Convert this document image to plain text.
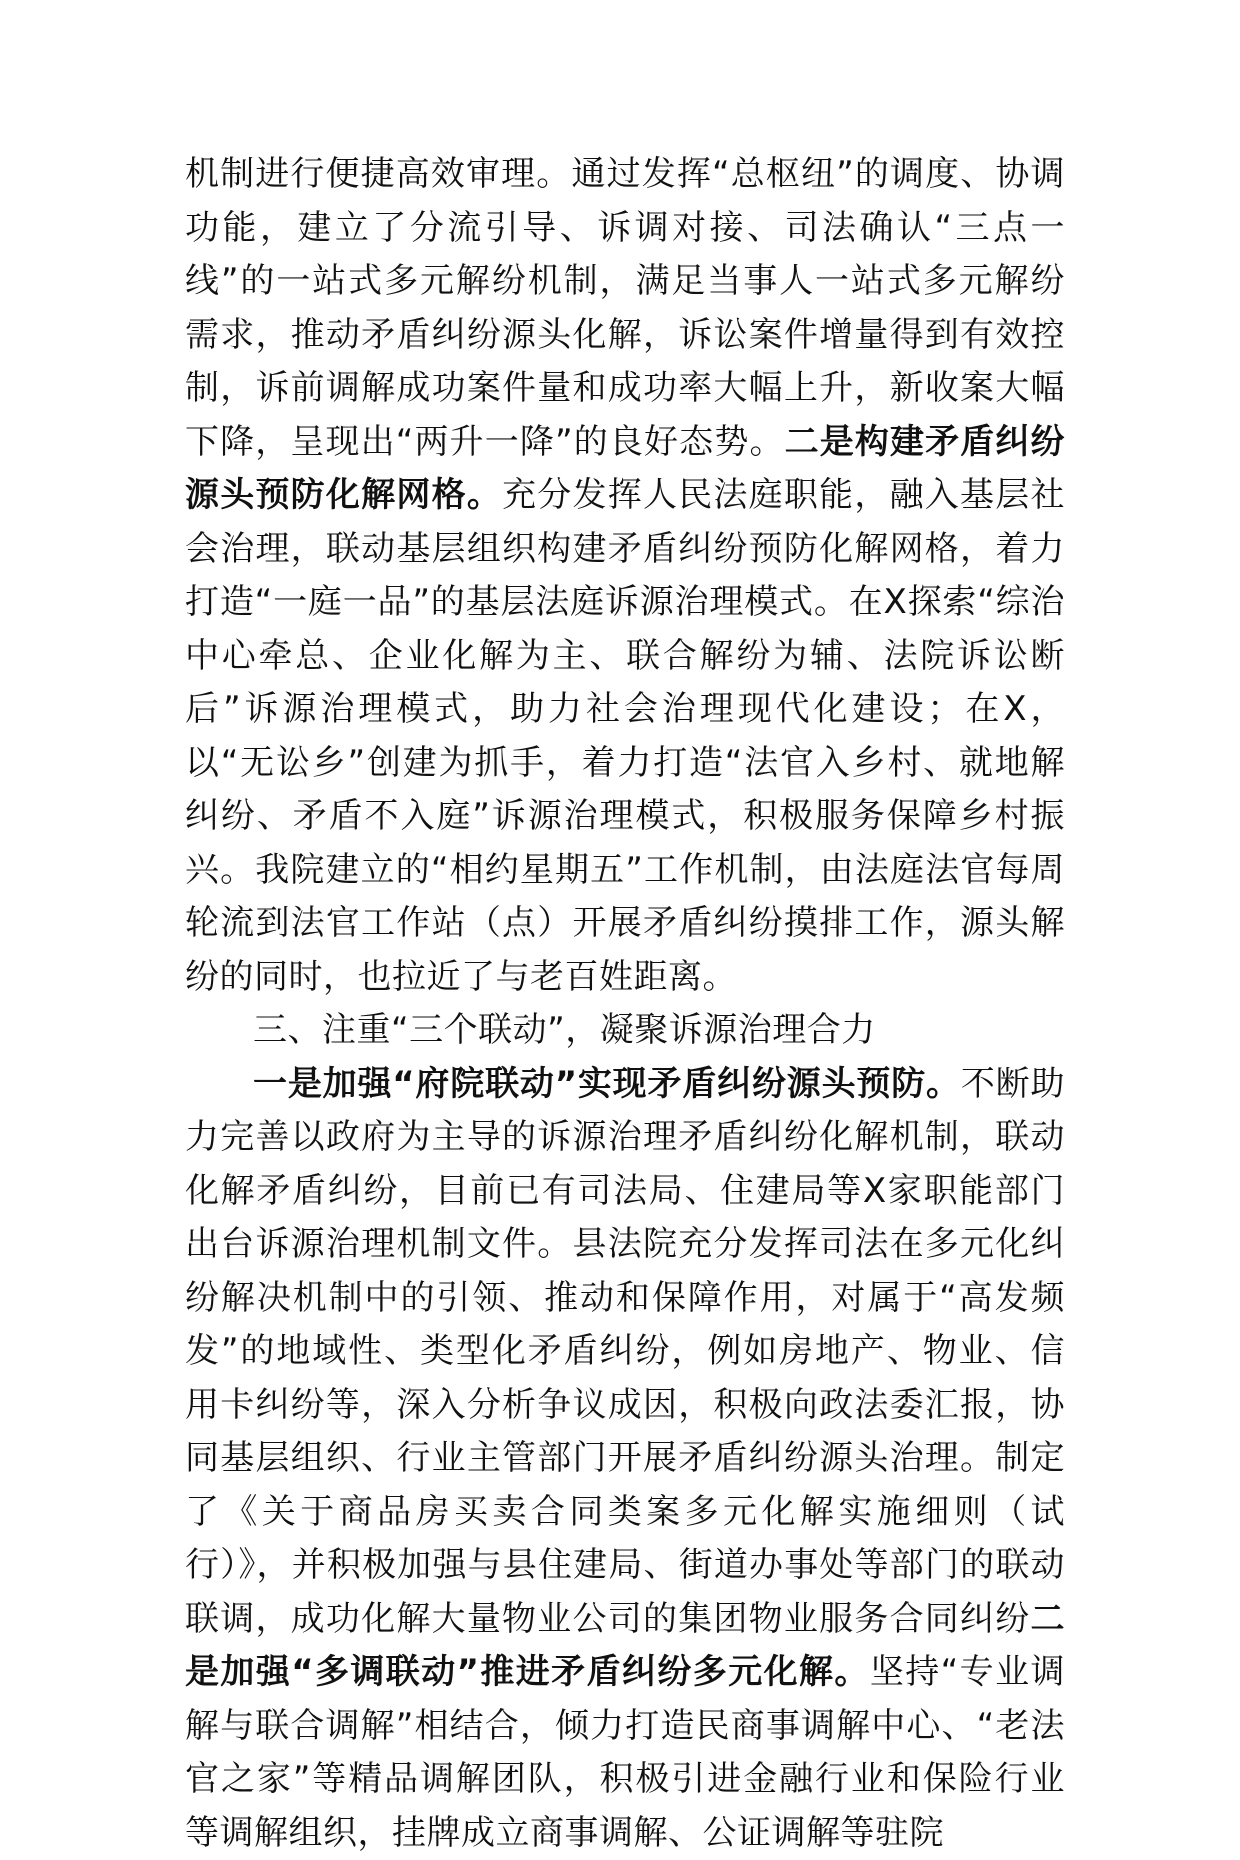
机制进行便捷高效审理。通过发挥“总枢纽”的调度、协调功能，建立了分流引导、诉调对接、司法确认“三点一线”的一站式多元解纷机制，满足当事人一站式多元解纷需求，推动矛盾纠纷源头化解，诉讼案件增量得到有效控制，诉前调解成功案件量和成功率大幅上升，新收案大幅下降，呈现出“两升一降”的良好态势。二是构建矛盾纠纷源头预防化解网格。充分发挥人民法庭职能，融入基层社会治理，联动基层组织构建矛盾纠纷预防化解网格，着力打造“一庭一品”的基层法庭诉源治理模式。在X探索“综治中心牵总、企业化解为主、联合解纷为辅、法院诉讼断后”诉源治理模式，助力社会治理现代化建设；在X，以“无讼乡”创建为抓手，着力打造“法官入乡村、就地解纠纷、矛盾不入庭”诉源治理模式，积极服务保障乡村振兴。我院建立的“相约星期五”工作机制，由法庭法官每周轮流到法官工作站（点）开展矛盾纠纷摸排工作，源头解纷的同时，也拉近了与老百姓距离。

三、注重“三个联动”，凝聚诉源治理合力

一是加强“府院联动”实现矛盾纠纷源头预防。不断助力完善以政府为主导的诉源治理矛盾纠纷化解机制，联动化解矛盾纠纷，目前已有司法局、住建局等X家职能部门出台诉源治理机制文件。县法院充分发挥司法在多元化纠纷解决机制中的引领、推动和保障作用，对属于“高发频发”的地域性、类型化矛盾纠纷，例如房地产、物业、信用卡纠纷等，深入分析争议成因，积极向政法委汇报，协同基层组织、行业主管部门开展矛盾纠纷源头治理。制定了《关于商品房买卖合同类案多元化解实施细则（试行）》，并积极加强与县住建局、街道办事处等部门的联动联调，成功化解大量物业公司的集团物业服务合同纠纷二是加强“多调联动”推进矛盾纠纷多元化解。坚持“专业调解与联合调解”相结合，倾力打造民商事调解中心、“老法官之家”等精品调解团队，积极引进金融行业和保险行业等调解组织，挂牌成立商事调解、公证调解等驻院
